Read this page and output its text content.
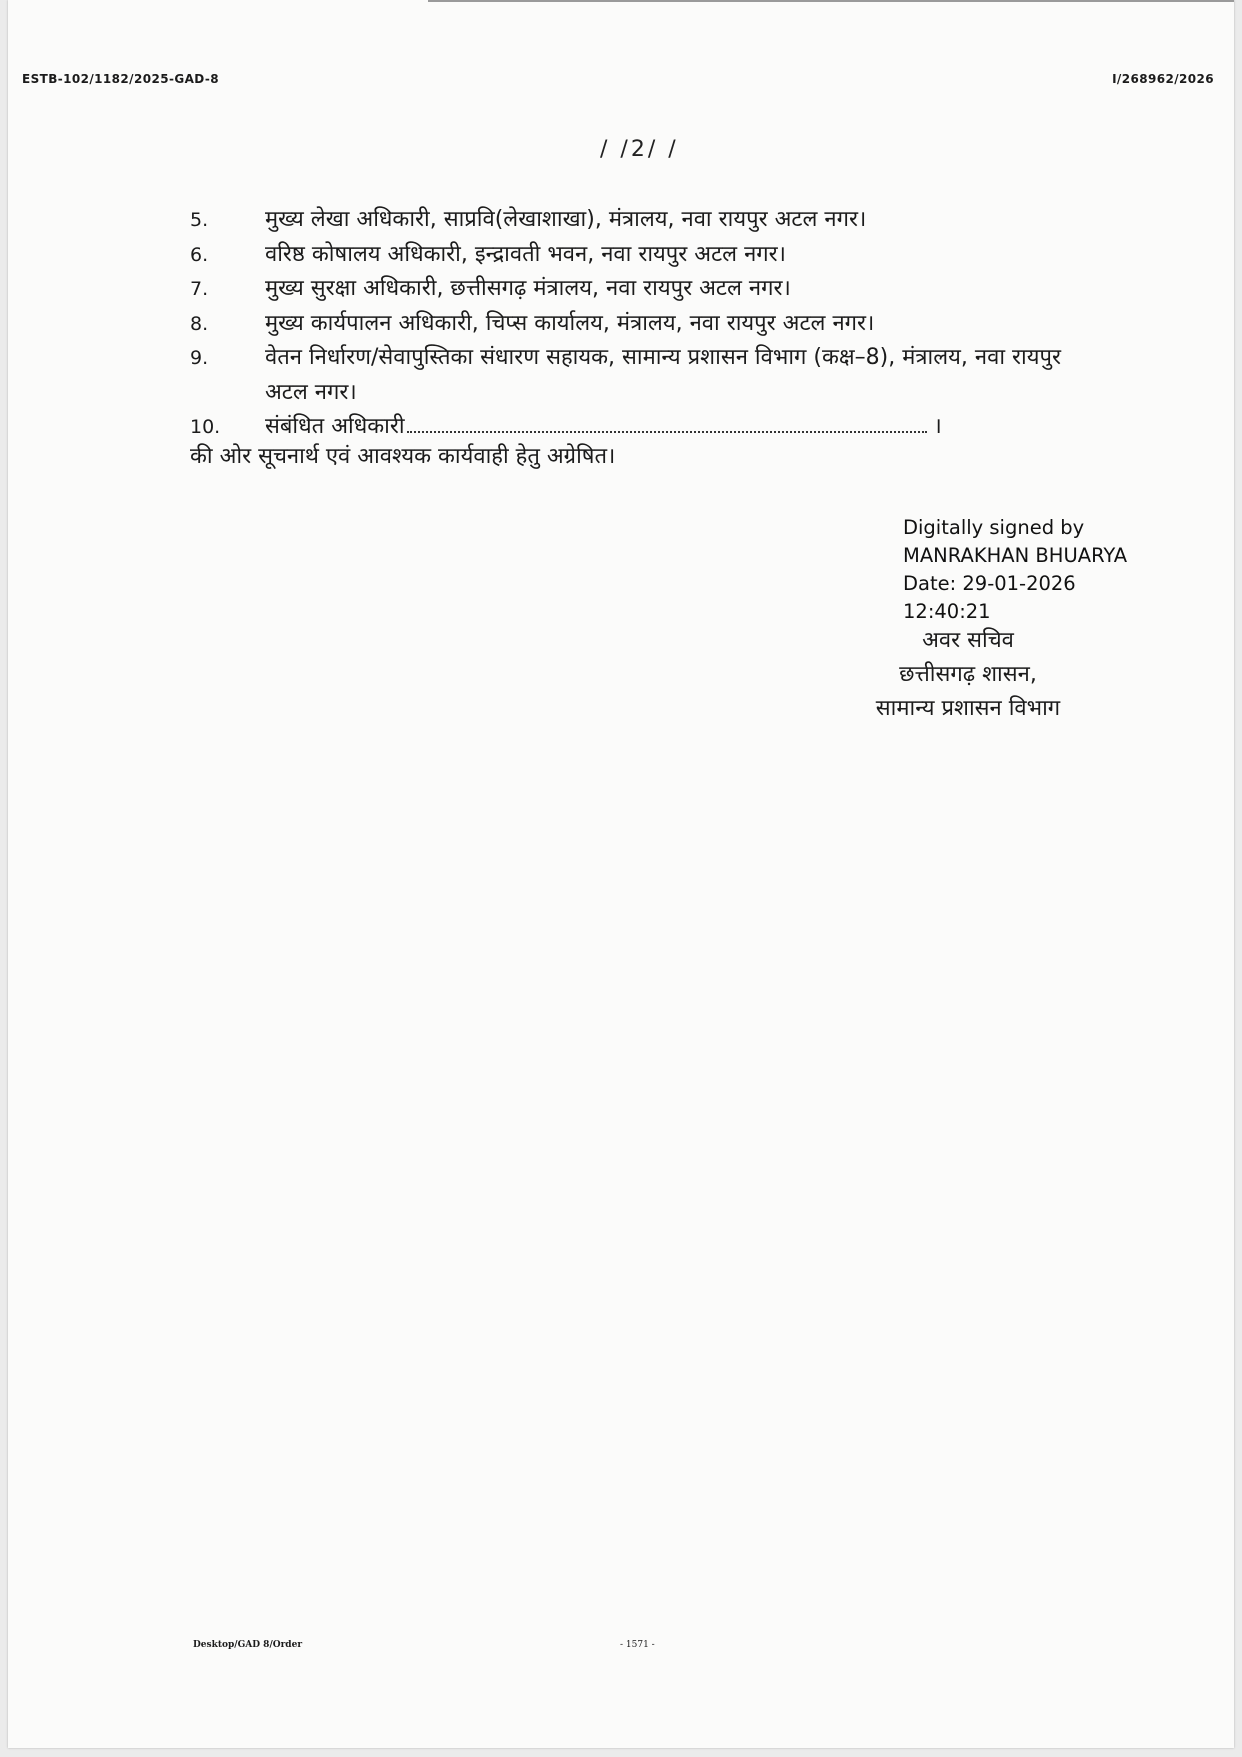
ESTB-102/1182/2025-GAD-8	I/268962/2026
/ /2/ /
5.	मुख्य लेखा अधिकारी, साप्रवि(लेखाशाखा), मंत्रालय, नवा रायपुर अटल नगर।
6.	वरिष्ठ कोषालय अधिकारी, इन्द्रावती भवन, नवा रायपुर अटल नगर।
7.	मुख्य सुरक्षा अधिकारी, छत्तीसगढ़ मंत्रालय, नवा रायपुर अटल नगर।
8.	मुख्य कार्यपालन अधिकारी, चिप्स कार्यालय, मंत्रालय, नवा रायपुर अटल नगर।
9.	वेतन निर्धारण/सेवापुस्तिका संधारण सहायक, सामान्य प्रशासन विभाग (कक्ष–8), मंत्रालय, नवा रायपुर अटल नगर।
10. संबंधित अधिकारी	।
की ओर सूचनार्थ एवं आवश्यक कार्यवाही हेतु अग्रेषित।
Digitally signed by
MANRAKHAN BHUARYA
Date: 29-01-2026
12:40:21
अवर सचिव
छत्तीसगढ़ शासन,
सामान्य प्रशासन विभाग
Desktop/GAD 8/Order	- 1571 -
